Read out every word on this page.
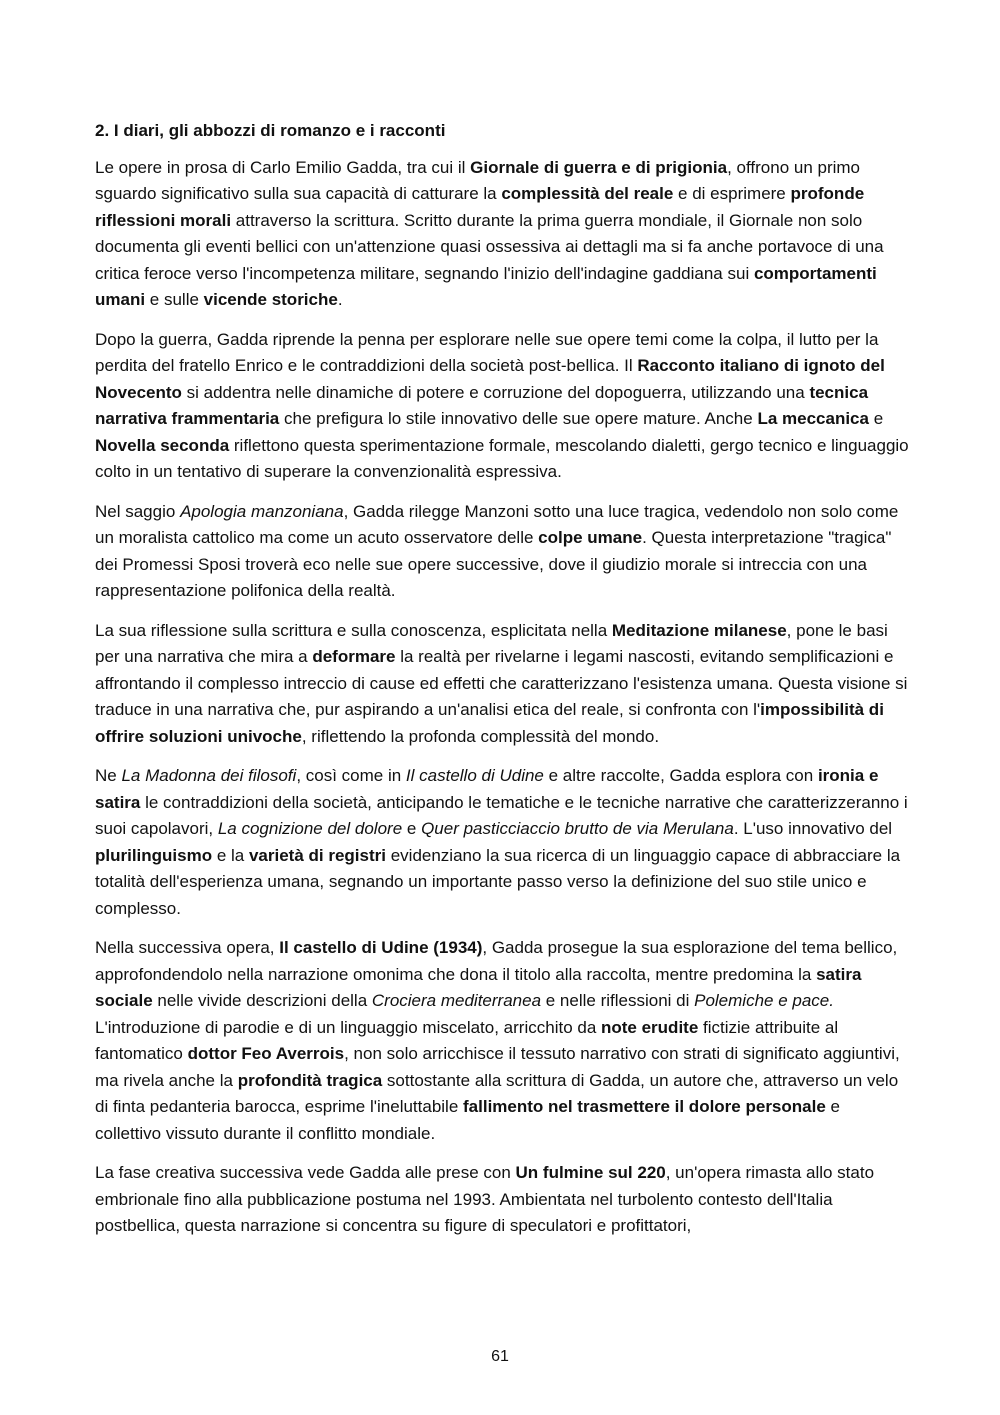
2. I diari, gli abbozzi di romanzo e i racconti

Le opere in prosa di Carlo Emilio Gadda, tra cui il Giornale di guerra e di prigionia, offrono un primo sguardo significativo sulla sua capacità di catturare la complessità del reale e di esprimere profonde riflessioni morali attraverso la scrittura. Scritto durante la prima guerra mondiale, il Giornale non solo documenta gli eventi bellici con un'attenzione quasi ossessiva ai dettagli ma si fa anche portavoce di una critica feroce verso l'incompetenza militare, segnando l'inizio dell'indagine gaddiana sui comportamenti umani e sulle vicende storiche.

Dopo la guerra, Gadda riprende la penna per esplorare nelle sue opere temi come la colpa, il lutto per la perdita del fratello Enrico e le contraddizioni della società post-bellica. Il Racconto italiano di ignoto del Novecento si addentra nelle dinamiche di potere e corruzione del dopoguerra, utilizzando una tecnica narrativa frammentaria che prefigura lo stile innovativo delle sue opere mature. Anche La meccanica e Novella seconda riflettono questa sperimentazione formale, mescolando dialetti, gergo tecnico e linguaggio colto in un tentativo di superare la convenzionalità espressiva.

Nel saggio Apologia manzoniana, Gadda rilegge Manzoni sotto una luce tragica, vedendolo non solo come un moralista cattolico ma come un acuto osservatore delle colpe umane. Questa interpretazione "tragica" dei Promessi Sposi troverà eco nelle sue opere successive, dove il giudizio morale si intreccia con una rappresentazione polifonica della realtà.

La sua riflessione sulla scrittura e sulla conoscenza, esplicitata nella Meditazione milanese, pone le basi per una narrativa che mira a deformare la realtà per rivelarne i legami nascosti, evitando semplificazioni e affrontando il complesso intreccio di cause ed effetti che caratterizzano l'esistenza umana. Questa visione si traduce in una narrativa che, pur aspirando a un'analisi etica del reale, si confronta con l'impossibilità di offrire soluzioni univoche, riflettendo la profonda complessità del mondo.

Ne La Madonna dei filosofi, così come in Il castello di Udine e altre raccolte, Gadda esplora con ironia e satira le contraddizioni della società, anticipando le tematiche e le tecniche narrative che caratterizzeranno i suoi capolavori, La cognizione del dolore e Quer pasticciaccio brutto de via Merulana. L'uso innovativo del plurilinguismo e la varietà di registri evidenziano la sua ricerca di un linguaggio capace di abbracciare la totalità dell'esperienza umana, segnando un importante passo verso la definizione del suo stile unico e complesso.

Nella successiva opera, Il castello di Udine (1934), Gadda prosegue la sua esplorazione del tema bellico, approfondendolo nella narrazione omonima che dona il titolo alla raccolta, mentre predomina la satira sociale nelle vivide descrizioni della Crociera mediterranea e nelle riflessioni di Polemiche e pace. L'introduzione di parodie e di un linguaggio miscelato, arricchito da note erudite fictizie attribuite al fantomatico dottor Feo Averrois, non solo arricchisce il tessuto narrativo con strati di significato aggiuntivi, ma rivela anche la profondità tragica sottostante alla scrittura di Gadda, un autore che, attraverso un velo di finta pedanteria barocca, esprime l'ineluttabile fallimento nel trasmettere il dolore personale e collettivo vissuto durante il conflitto mondiale.

La fase creativa successiva vede Gadda alle prese con Un fulmine sul 220, un'opera rimasta allo stato embrionale fino alla pubblicazione postuma nel 1993. Ambientata nel turbolento contesto dell'Italia postbellica, questa narrazione si concentra su figure di speculatori e profittatori,

61
